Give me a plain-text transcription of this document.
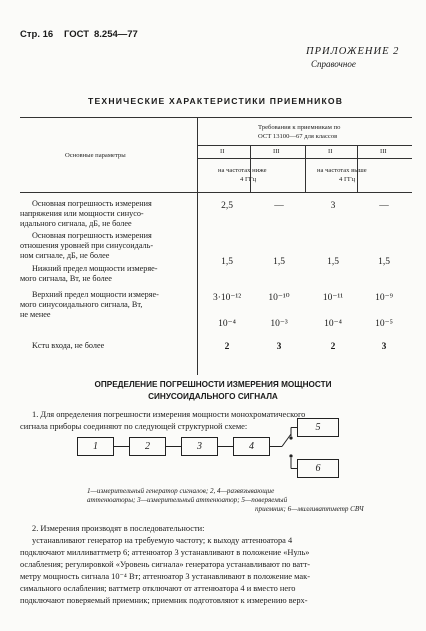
Стр. 16 ГОСТ 8.254—77
ПРИЛОЖЕНИЕ 2
Справочное
ТЕХНИЧЕСКИЕ ХАРАКТЕРИСТИКИ ПРИЕМНИКОВ
Основные параметры
Требования к приемникам по
ОСТ 13100—67 для классов
II	III	II	III
на частотах ниже
4 ГГц
на частотах выше
4 ГГц
Основная погрешность измерения
напряжения или мощности синусо-
идального сигнала, дБ, не более
2,5	—	3	—
Основная погрешность измерения
отношения уровней при синусоидаль-
ном сигнале, дБ, не более
1,5	1,5	1,5	1,5
Нижний предел мощности измеряе-
мого сигнала, Вт, не более
3·10⁻¹²	10⁻¹⁰	10⁻¹¹	10⁻⁹
Верхний предел мощности измеряе-
мого синусоидального сигнала, Вт,
не менее
10⁻⁴	10⁻³	10⁻⁴	10⁻⁵
Kстu входа, не более	2	3	2	3
ОПРЕДЕЛЕНИЕ ПОГРЕШНОСТИ ИЗМЕРЕНИЯ МОЩНОСТИ
СИНУСОИДАЛЬНОГО СИГНАЛА
1. Для определения погрешности измерения мощности монохроматического
сигнала приборы соединяют по следующей структурной схеме:
1	2	3	4
5
6
1—измерительный генератор сигналов; 2, 4—развязывающие
аттенюаторы; 3—измерительный аттенюатор; 5—поверяемый
приемник; 6—милливаттметр СВЧ
2. Измерения производят в последовательности:
устанавливают генератор на требуемую частоту; к выходу аттенюатора 4
подключают милливаттметр 6; аттенюатор 3 устанавливают в положение «Нуль»
ослабления; регулировкой «Уровень сигнала» генератора устанавливают по ватт-
метру мощность сигнала 10⁻⁴ Вт; аттенюатор 3 устанавливают в положение мак-
симального ослабления; ваттметр отключают от аттенюатора 4 и вместо него
подключают поверяемый приемник; приемник подготовляют к измерению верх-
